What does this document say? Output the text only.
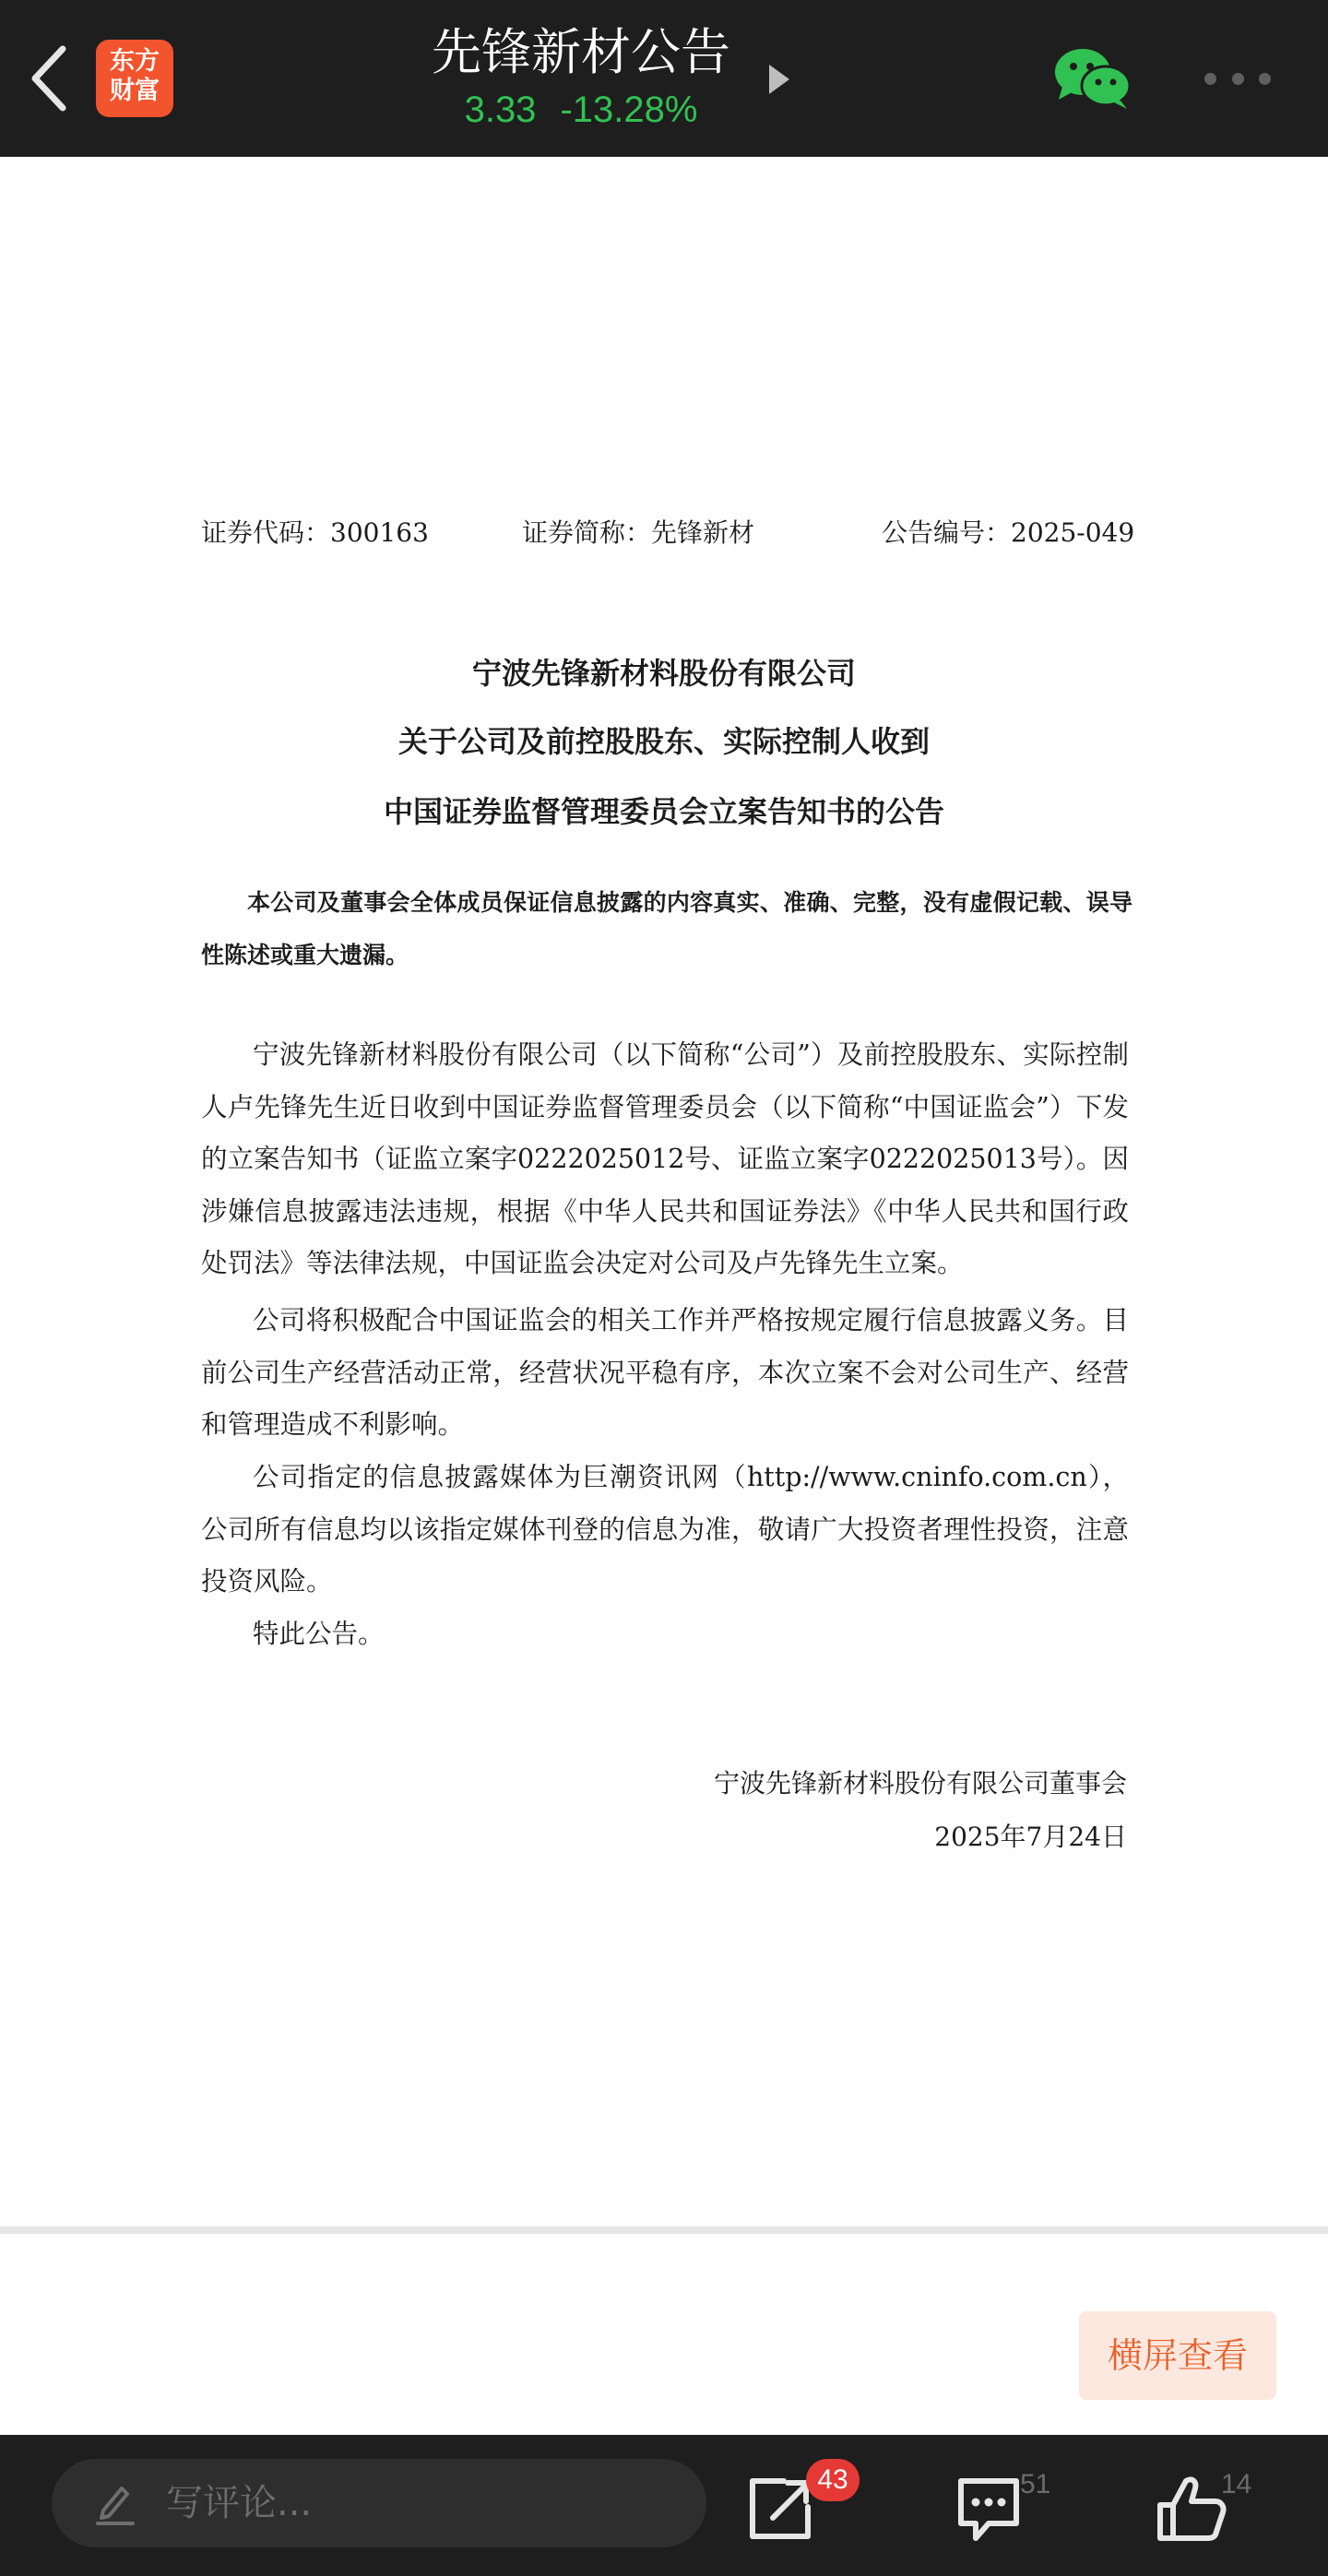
东方
财富
先锋新材公告
3.33 -13.28%
证券代码：300163	证券简称：先锋新材	公告编号：2025-049
宁波先锋新材料股份有限公司
关于公司及前控股股东、实际控制人收到
中国证券监督管理委员会立案告知书的公告
本公司及董事会全体成员保证信息披露的内容真实、准确、完整，没有虚假记载、误导性陈述或重大遗漏。
宁波先锋新材料股份有限公司（以下简称“公司”）及前控股股东、实际控制人卢先锋先生近日收到中国证券监督管理委员会（以下简称“中国证监会”）下发的立案告知书（证监立案字0222025012号、证监立案字0222025013号）。因涉嫌信息披露违法违规，根据《中华人民共和国证券法》《中华人民共和国行政处罚法》等法律法规，中国证监会决定对公司及卢先锋先生立案。
公司将积极配合中国证监会的相关工作并严格按规定履行信息披露义务。目前公司生产经营活动正常，经营状况平稳有序，本次立案不会对公司生产、经营和管理造成不利影响。
公司指定的信息披露媒体为巨潮资讯网（http://www.cninfo.com.cn），公司所有信息均以该指定媒体刊登的信息为准，敬请广大投资者理性投资，注意投资风险。
特此公告。
宁波先锋新材料股份有限公司董事会
2025年7月24日
横屏查看
写评论...
43	51	14
